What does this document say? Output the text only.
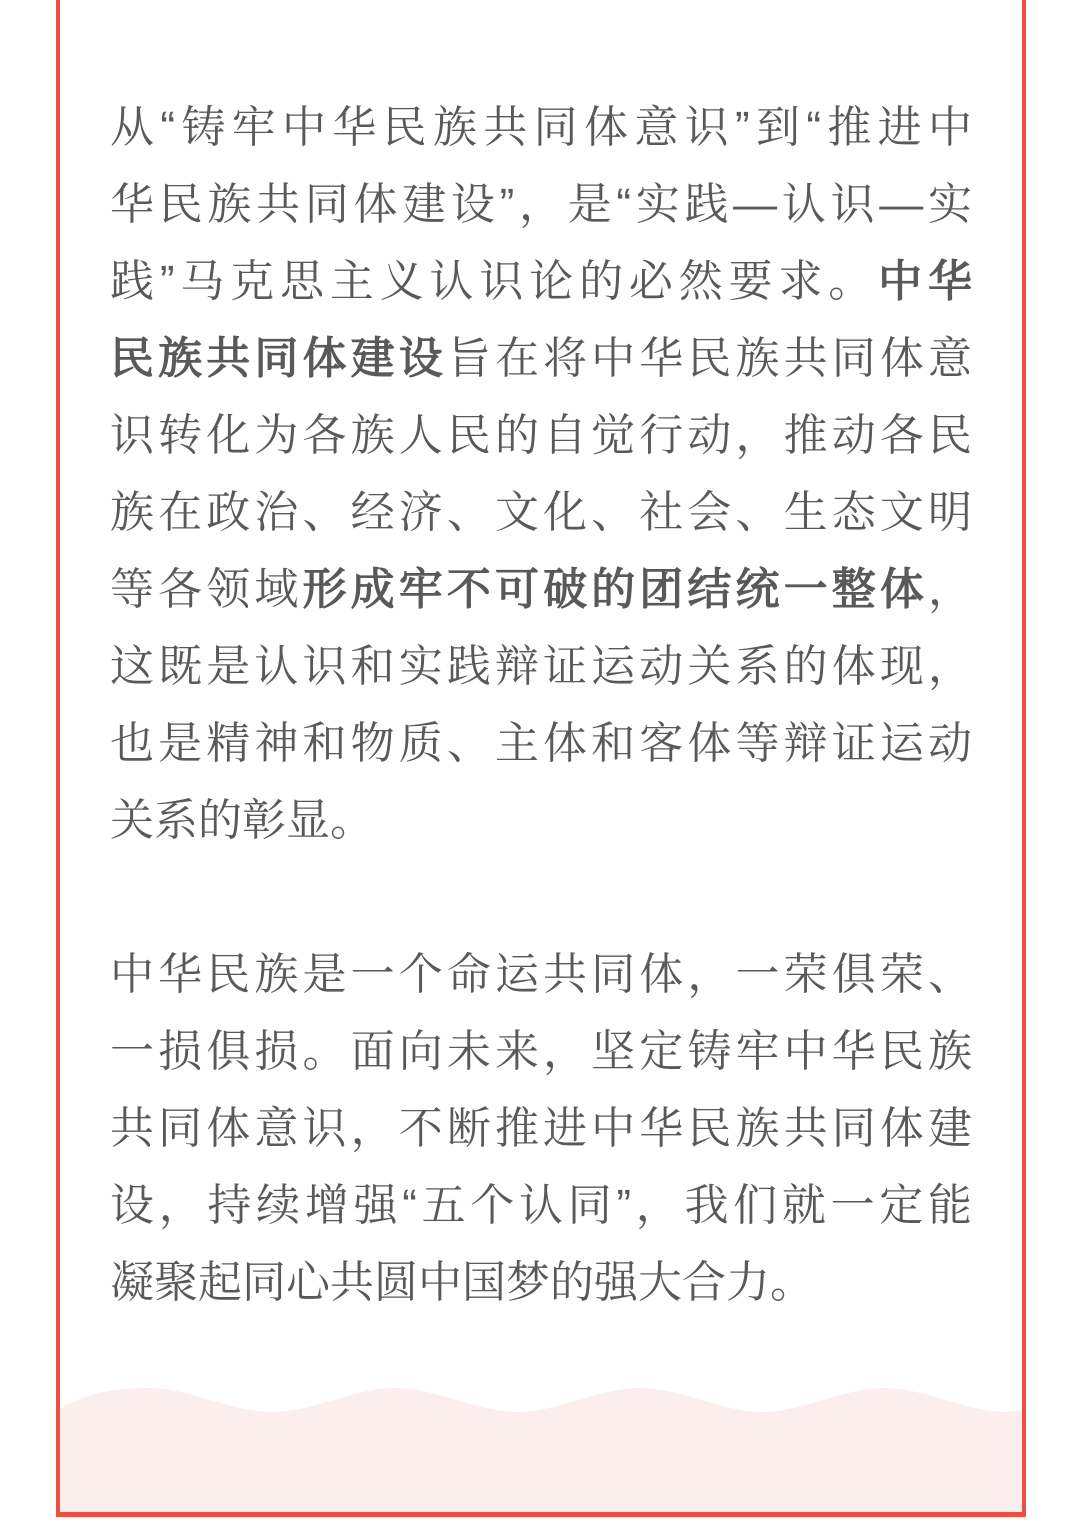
从“铸牢中华民族共同体意识”到“推进中
华民族共同体建设”，是“实践—认识—实
践”马克思主义认识论的必然要求。中华
民族共同体建设旨在将中华民族共同体意
识转化为各族人民的自觉行动，推动各民
族在政治、经济、文化、社会、生态文明
等各领域形成牢不可破的团结统一整体，
这既是认识和实践辩证运动关系的体现，
也是精神和物质、主体和客体等辩证运动
关系的彰显。
中华民族是一个命运共同体，一荣俱荣、
一损俱损。面向未来，坚定铸牢中华民族
共同体意识，不断推进中华民族共同体建
设，持续增强“五个认同”，我们就一定能
凝聚起同心共圆中国梦的强大合力。
